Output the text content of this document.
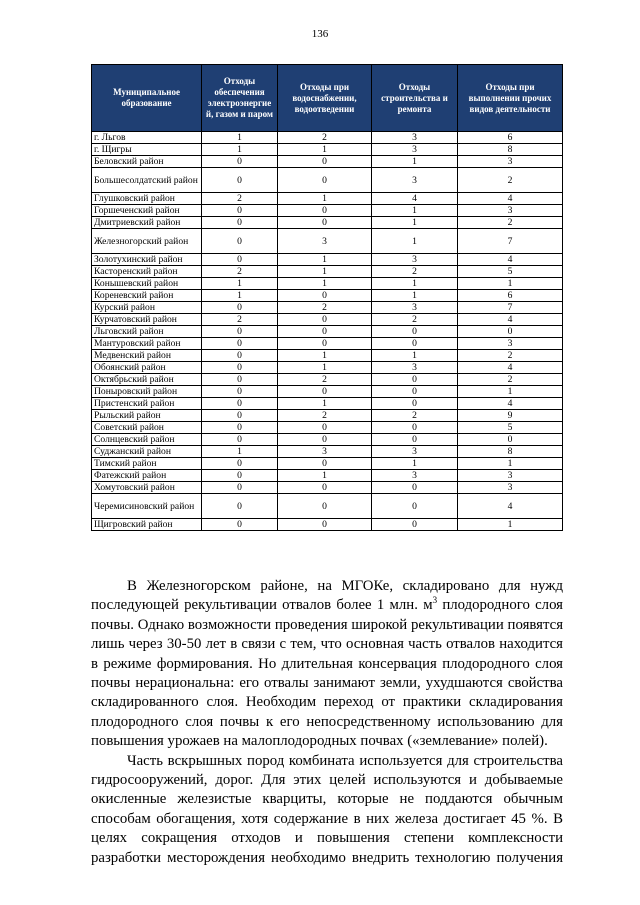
136
Муниципальное образование	Отходы обеспечения электроэнергие й, газом и паром	Отходы при водоснабжении, водоотведении	Отходы строительства и ремонта	Отходы при выполнении прочих видов деятельности
г. Льгов	1	2	3	6
г. Щигры	1	1	3	8
Беловский район	0	0	1	3
Большесолдатский район	0	0	3	2
Глушковский район	2	1	4	4
Горшеченский район	0	0	1	3
Дмитриевский район	0	0	1	2
Железногорский район	0	3	1	7
Золотухинский район	0	1	3	4
Касторенский район	2	1	2	5
Конышевский район	1	1	1	1
Кореневский район	1	0	1	6
Курский район	0	2	3	7
Курчатовский район	2	0	2	4
Льговский район	0	0	0	0
Мантуровский район	0	0	0	3
Медвенский район	0	1	1	2
Обоянский район	0	1	3	4
Октябрьский район	0	2	0	2
Поныровский район	0	0	0	1
Пристенский район	0	1	0	4
Рыльский район	0	2	2	9
Советский район	0	0	0	5
Солнцевский район	0	0	0	0
Суджанский район	1	3	3	8
Тимский район	0	0	1	1
Фатежский район	0	1	3	3
Хомутовский район	0	0	0	3
Черемисиновский район	0	0	0	4
Щигровский район	0	0	0	1

В Железногорском районе, на МГОКе, складировано для нужд последующей рекультивации отвалов более 1 млн. $м^3$ плодородного слоя почвы. Однако возможности проведения широкой рекультивации появятся лишь через 30-50 лет в связи с тем, что основная часть отвалов находится в режиме формирования. Но длительная консервация плодородного слоя почвы нерациональна: его отвалы занимают земли, ухудшаются свойства складированного слоя. Необходим переход от практики складирования плодородного слоя почвы к его непосредственному использованию для повышения урожаев на малоплодородных почвах («землевание» полей).

Часть вскрышных пород комбината используется для строительства гидросооружений, дорог. Для этих целей используются и добываемые окисленные железистые кварциты, которые не поддаются обычным способам обогащения, хотя содержание в них железа достигает 45 %. В целях сокращения отходов и повышения степени комплексности разработки месторождения необходимо внедрить технологию получения
